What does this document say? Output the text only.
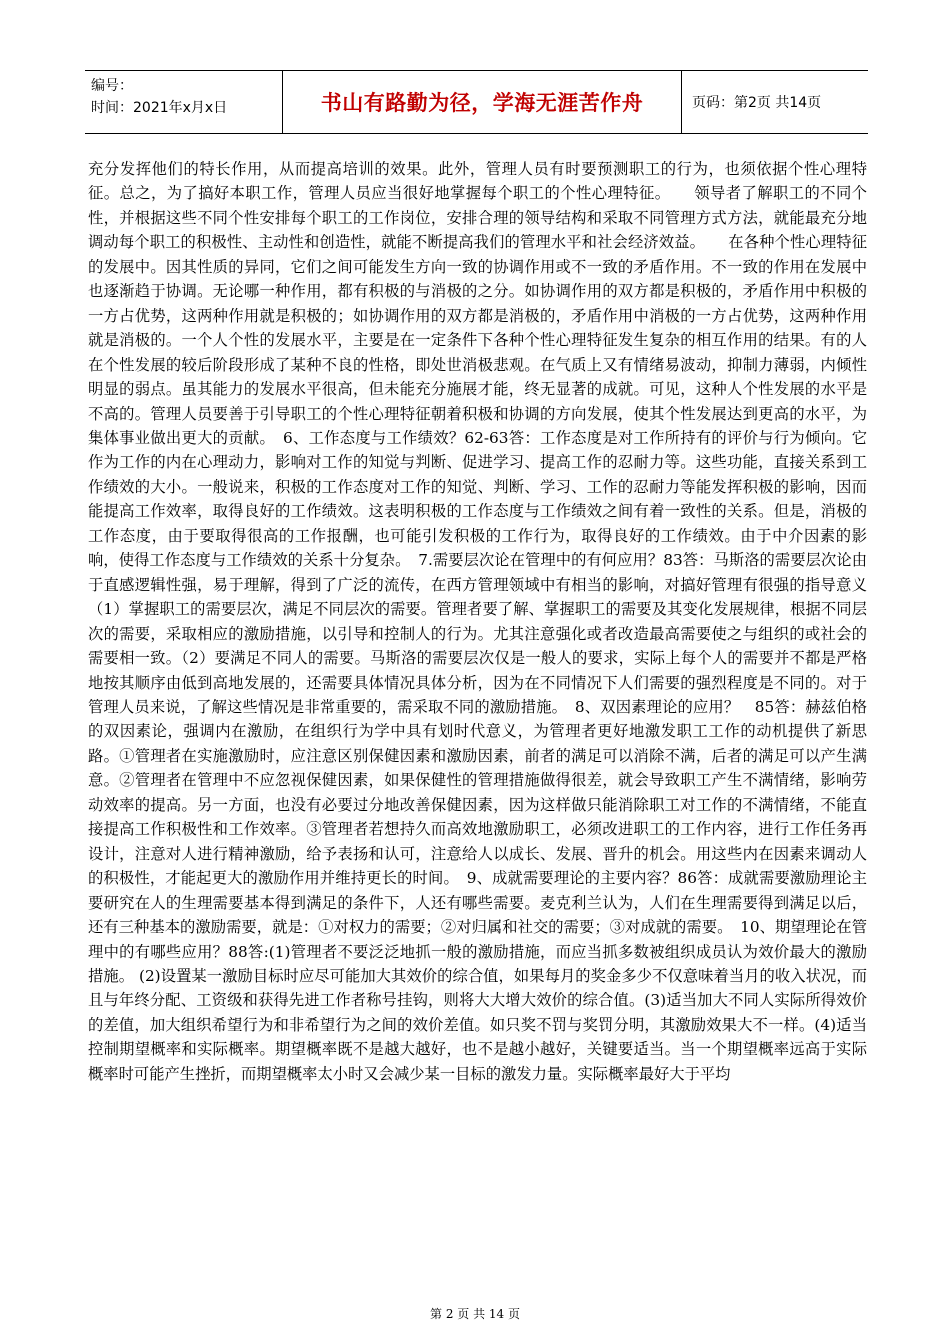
编号：
时间：2021年x月x日	书山有路勤为径，学海无涯苦作舟	页码：第2页 共14页

充分发挥他们的特长作用，从而提高培训的效果。此外，管理人员有时要预测职工的行为，也须依据个性心理特征。总之，为了搞好本职工作，管理人员应当很好地掌握每个职工的个性心理特征。　　领导者了解职工的不同个性，并根据这些不同个性安排每个职工的工作岗位，安排合理的领导结构和采取不同管理方式方法，就能最充分地调动每个职工的积极性、主动性和创造性，就能不断提高我们的管理水平和社会经济效益。　　在各种个性心理特征的发展中。因其性质的异同，它们之间可能发生方向一致的协调作用或不一致的矛盾作用。不一致的作用在发展中也逐渐趋于协调。无论哪一种作用，都有积极的与消极的之分。如协调作用的双方都是积极的，矛盾作用中积极的一方占优势，这两种作用就是积极的；如协调作用的双方都是消极的，矛盾作用中消极的一方占优势，这两种作用就是消极的。一个人个性的发展水平，主要是在一定条件下各种个性心理特征发生复杂的相互作用的结果。有的人在个性发展的较后阶段形成了某种不良的性格，即处世消极悲观。在气质上又有情绪易波动，抑制力薄弱，内倾性明显的弱点。虽其能力的发展水平很高，但未能充分施展才能，终无显著的成就。可见，这种人个性发展的水平是不高的。管理人员要善于引导职工的个性心理特征朝着积极和协调的方向发展，使其个性发展达到更高的水平，为集体事业做出更大的贡献。　6、工作态度与工作绩效？62-63答：工作态度是对工作所持有的评价与行为倾向。它作为工作的内在心理动力，影响对工作的知觉与判断、促进学习、提高工作的忍耐力等。这些功能，直接关系到工作绩效的大小。一般说来，积极的工作态度对工作的知觉、判断、学习、工作的忍耐力等能发挥积极的影响，因而能提高工作效率，取得良好的工作绩效。这表明积极的工作态度与工作绩效之间有着一致性的关系。但是，消极的工作态度，由于要取得很高的工作报酬，也可能引发积极的工作行为，取得良好的工作绩效。由于中介因素的影响，使得工作态度与工作绩效的关系十分复杂。　7.需要层次论在管理中的有何应用？83答：马斯洛的需要层次论由于直感逻辑性强，易于理解，得到了广泛的流传，在西方管理领域中有相当的影响，对搞好管理有很强的指导意义（1）掌握职工的需要层次，满足不同层次的需要。管理者要了解、掌握职工的需要及其变化发展规律，根据不同层次的需要，采取相应的激励措施，以引导和控制人的行为。尤其注意强化或者改造最高需要使之与组织的或社会的需要相一致。（2）要满足不同人的需要。马斯洛的需要层次仅是一般人的要求，实际上每个人的需要并不都是严格地按其顺序由低到高地发展的，还需要具体情况具体分析，因为在不同情况下人们需要的强烈程度是不同的。对于管理人员来说，了解这些情况是非常重要的，需采取不同的激励措施。　8、双因素理论的应用？　85答：赫兹伯格的双因素论，强调内在激励，在组织行为学中具有划时代意义，为管理者更好地激发职工工作的动机提供了新思路。①管理者在实施激励时，应注意区别保健因素和激励因素，前者的满足可以消除不满，后者的满足可以产生满意。②管理者在管理中不应忽视保健因素，如果保健性的管理措施做得很差，就会导致职工产生不满情绪，影响劳动效率的提高。另一方面，也没有必要过分地改善保健因素，因为这样做只能消除职工对工作的不满情绪，不能直接提高工作积极性和工作效率。③管理者若想持久而高效地激励职工，必须改进职工的工作内容，进行工作任务再设计，注意对人进行精神激励，给予表扬和认可，注意给人以成长、发展、晋升的机会。用这些内在因素来调动人的积极性，才能起更大的激励作用并维持更长的时间。　9、成就需要理论的主要内容？86答：成就需要激励理论主要研究在人的生理需要基本得到满足的条件下，人还有哪些需要。麦克利兰认为，人们在生理需要得到满足以后，还有三种基本的激励需要，就是：①对权力的需要；②对归属和社交的需要；③对成就的需要。　10、期望理论在管理中的有哪些应用？88答:(1)管理者不要泛泛地抓一般的激励措施，而应当抓多数被组织成员认为效价最大的激励措施。 (2)设置某一激励目标时应尽可能加大其效价的综合值，如果每月的奖金多少不仅意味着当月的收入状况，而且与年终分配、工资级和获得先进工作者称号挂钩，则将大大增大效价的综合值。(3)适当加大不同人实际所得效价的差值，加大组织希望行为和非希望行为之间的效价差值。如只奖不罚与奖罚分明，其激励效果大不一样。(4)适当控制期望概率和实际概率。期望概率既不是越大越好，也不是越小越好，关键要适当。当一个期望概率远高于实际概率时可能产生挫折，而期望概率太小时又会减少某一目标的激发力量。实际概率最好大于平均

第 2 页 共 14 页
